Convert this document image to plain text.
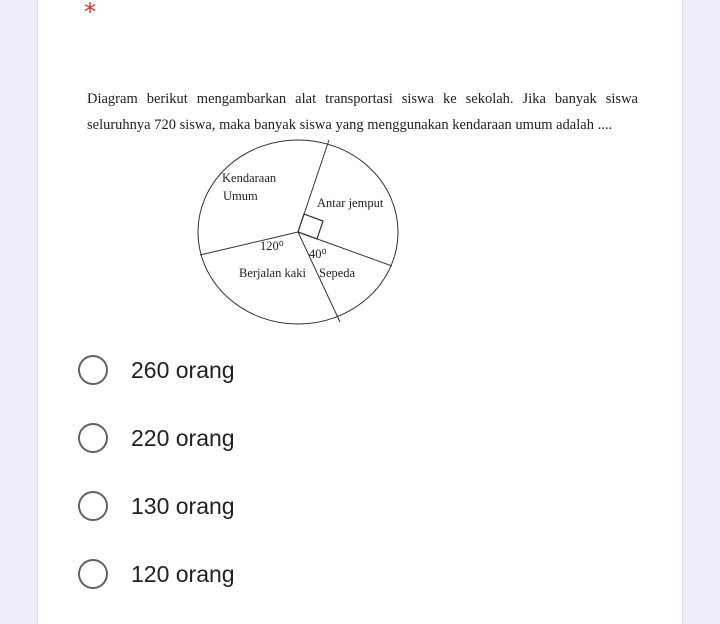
*
Diagram berikut mengambarkan alat transportasi siswa ke sekolah. Jika banyak siswa seluruhnya 720 siswa, maka banyak siswa yang menggunakan kendaraan umum adalah ....
Kendaraan
Umum	Antar jemput
120⁰
Berjalan kaki
40⁰
Sepeda
260 orang
220 orang
130 orang
120 orang
